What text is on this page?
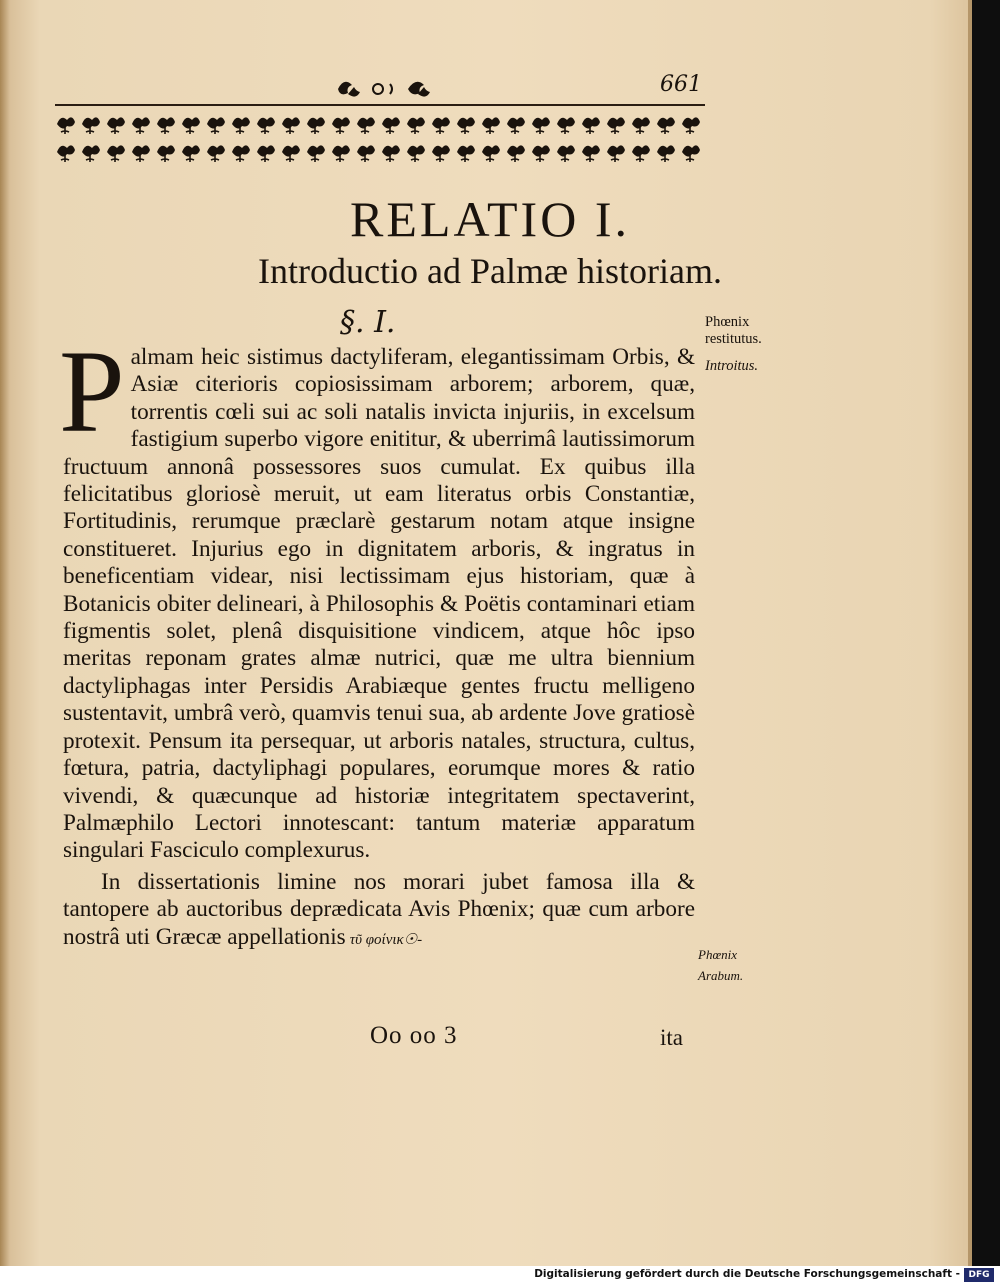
661
RELATIO I.
Introductio ad Palmæ historiam.
§. I.	Phœnix restitutus.
Introitus.
Phœnix Arabum.
P almam heic sistimus dactyliferam, elegantissimam Orbis, & Asiæ citerioris copiosissimam arborem; arborem, quæ, torrentis cœli sui ac soli natalis invicta injuriis, in excelsum fastigium superbo vigore enititur, & uberrimâ lautissimorum fructuum annonâ possessores suos cumulat. Ex quibus illa felicitatibus gloriosè meruit, ut eam literatus orbis Constantiæ, Fortitudinis, rerumque præclarè gestarum notam atque insigne constitueret. Injurius ego in dignitatem arboris, & ingratus in beneficentiam videar, nisi lectissimam ejus historiam, quæ à Botanicis obiter delineari, à Philosophis & Poëtis contaminari etiam figmentis solet, plenâ disquisitione vindicem, atque hôc ipso meritas reponam grates almæ nutrici, quæ me ultra biennium dactyliphagas inter Persidis Arabiæque gentes fructu melligeno sustentavit, umbrâ verò, quamvis tenui sua, ab ardente Jove gratiosè protexit. Pensum ita persequar, ut arboris natales, structura, cultus, fœtura, patria, dactyliphagi populares, eorumque mores & ratio vivendi, & quæcunque ad historiæ integritatem spectaverint, Palmæphilo Lectori innotescant: tantum materiæ apparatum singulari Fasciculo complexurus.

In dissertationis limine nos morari jubet famosa illa & tantopere ab auctoribus deprædicata Avis Phœnix; quæ cum arbore nostrâ uti Græcæ appellationis τῦ φοίνικ☉-

Oo oo 3	ita
Digitalisierung gefördert durch die Deutsche Forschungsgemeinschaft - DFG
